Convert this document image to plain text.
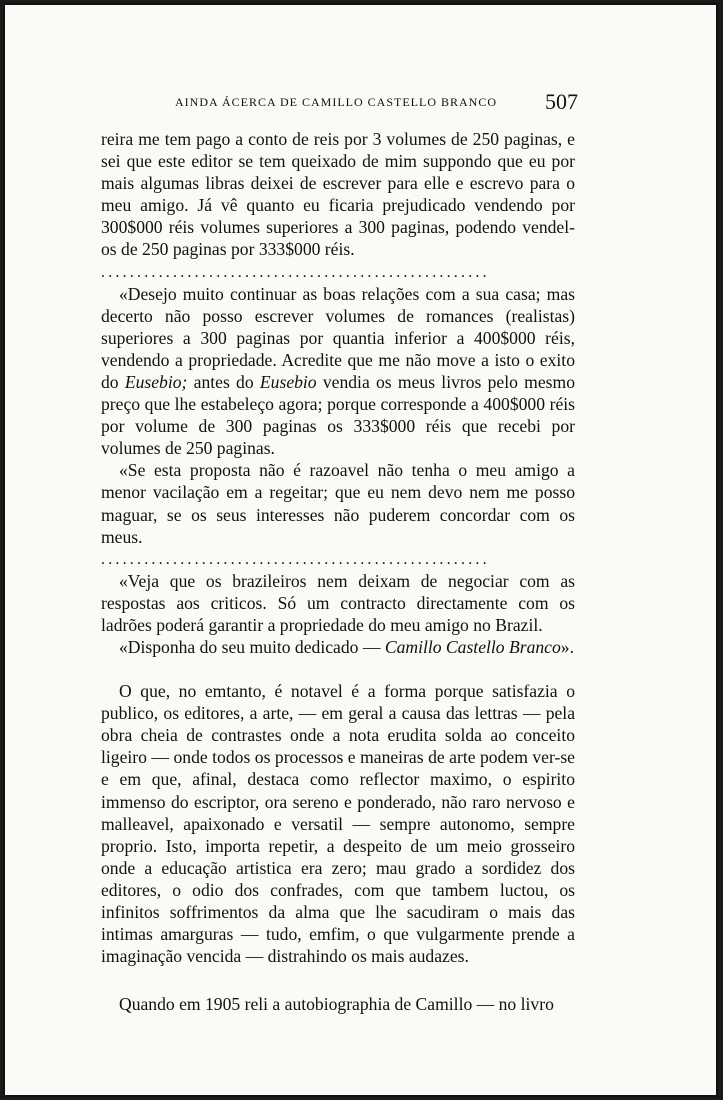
AINDA ÁCERCA DE CAMILLO CASTELLO BRANCO 507

reira me tem pago a conto de reis por 3 volumes de 250 paginas, e sei que este editor se tem queixado de mim suppondo que eu por mais algumas libras deixei de escrever para elle e escrevo para o meu amigo. Já vê quanto eu ficaria prejudicado vendendo por 300$000 réis volumes superiores a 300 paginas, podendo vendel-os de 250 paginas por 333$000 réis.

......................................................

«Desejo muito continuar as boas relações com a sua casa; mas decerto não posso escrever volumes de romances (realistas) superiores a 300 paginas por quantia inferior a 400$000 réis, vendendo a propriedade. Acredite que me não move a isto o exito do Eusebio; antes do Eusebio vendia os meus livros pelo mesmo preço que lhe estabeleço agora; porque corresponde a 400$000 réis por volume de 300 paginas os 333$000 réis que recebi por volumes de 250 paginas.

«Se esta proposta não é razoavel não tenha o meu amigo a menor vacilação em a regeitar; que eu nem devo nem me posso maguar, se os seus interesses não puderem concordar com os meus.

......................................................

«Veja que os brazileiros nem deixam de negociar com as respostas aos criticos. Só um contracto directamente com os ladrões poderá garantir a propriedade do meu amigo no Brazil.

«Disponha do seu muito dedicado — Camillo Castello Branco».

O que, no emtanto, é notavel é a forma porque satisfazia o publico, os editores, a arte, — em geral a causa das lettras — pela obra cheia de contrastes onde a nota erudita solda ao conceito ligeiro — onde todos os processos e maneiras de arte podem ver-se e em que, afinal, destaca como reflector maximo, o espirito immenso do escriptor, ora sereno e ponderado, não raro nervoso e malleavel, apaixonado e versatil — sempre autonomo, sempre proprio. Isto, importa repetir, a despeito de um meio grosseiro onde a educação artistica era zero; mau grado a sordidez dos editores, o odio dos confrades, com que tambem luctou, os infinitos soffrimentos da alma que lhe sacudiram o mais das intimas amarguras — tudo, emfim, o que vulgarmente prende a imaginação vencida — distrahindo os mais audazes.

Quando em 1905 reli a autobiographia de Camillo — no livro
